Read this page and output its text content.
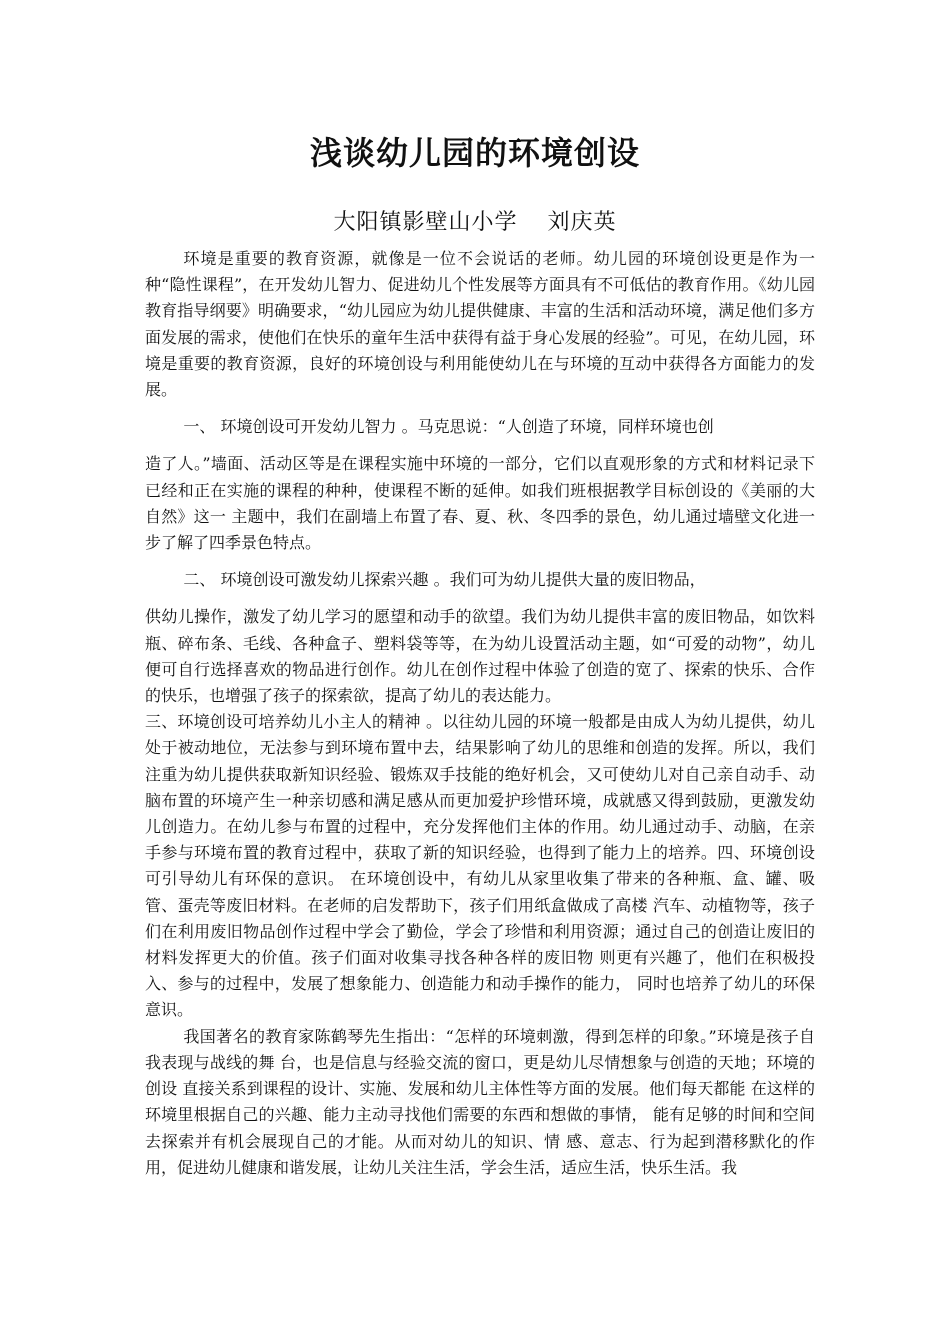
浅谈幼儿园的环境创设
大阳镇影壁山小学 刘庆英

环境是重要的教育资源，就像是一位不会说话的老师。幼儿园的环境创设更是作为一种“隐性课程”，在开发幼儿智力、促进幼儿个性发展等方面具有不可低估的教育作用。《幼儿园教育指导纲要》明确要求，“幼儿园应为幼儿提供健康、丰富的生活和活动环境，满足他们多方面发展的需求，使他们在快乐的童年生活中获得有益于身心发展的经验”。可见，在幼儿园，环境是重要的教育资源，良好的环境创设与利用能使幼儿在与环境的互动中获得各方面能力的发展。

一、 环境创设可开发幼儿智力 。马克思说：“人创造了环境，同样环境也创

造了人。”墙面、活动区等是在课程实施中环境的一部分，它们以直观形象的方式和材料记录下已经和正在实施的课程的种种，使课程不断的延伸。如我们班根据教学目标创设的《美丽的大自然》这一 主题中，我们在副墙上布置了春、夏、秋、冬四季的景色，幼儿通过墙壁文化进一步了解了四季景色特点。

二、 环境创设可激发幼儿探索兴趣 。我们可为幼儿提供大量的废旧物品，

供幼儿操作，激发了幼儿学习的愿望和动手的欲望。我们为幼儿提供丰富的废旧物品，如饮料瓶、碎布条、毛线、各种盒子、塑料袋等等，在为幼儿设置活动主题，如“可爱的动物”，幼儿便可自行选择喜欢的物品进行创作。幼儿在创作过程中体验了创造的宽了、探索的快乐、合作的快乐，也增强了孩子的探索欲，提高了幼儿的表达能力。

三、环境创设可培养幼儿小主人的精神 。以往幼儿园的环境一般都是由成人为幼儿提供，幼儿处于被动地位，无法参与到环境布置中去，结果影响了幼儿的思维和创造的发挥。所以，我们注重为幼儿提供获取新知识经验、锻炼双手技能的绝好机会，又可使幼儿对自己亲自动手、动脑布置的环境产生一种亲切感和满足感从而更加爱护珍惜环境，成就感又得到鼓励，更激发幼儿创造力。在幼儿参与布置的过程中，充分发挥他们主体的作用。幼儿通过动手、动脑，在亲手参与环境布置的教育过程中，获取了新的知识经验，也得到了能力上的培养。四、环境创设可引导幼儿有环保的意识。 在环境创设中，有幼儿从家里收集了带来的各种瓶、盒、罐、吸管、蛋壳等废旧材料。在老师的启发帮助下，孩子们用纸盒做成了高楼 汽车、动植物等，孩子们在利用废旧物品创作过程中学会了勤俭，学会了珍惜和利用资源；通过自己的创造让废旧的材料发挥更大的价值。孩子们面对收集寻找各种各样的废旧物 则更有兴趣了，他们在积极投入、参与的过程中，发展了想象能力、创造能力和动手操作的能力， 同时也培养了幼儿的环保意识。

我国著名的教育家陈鹤琴先生指出：“怎样的环境刺激，得到怎样的印象。”环境是孩子自我表现与战线的舞 台，也是信息与经验交流的窗口，更是幼儿尽情想象与创造的天地；环境的创设 直接关系到课程的设计、实施、发展和幼儿主体性等方面的发展。他们每天都能 在这样的环境里根据自己的兴趣、能力主动寻找他们需要的东西和想做的事情， 能有足够的时间和空间去探索并有机会展现自己的才能。从而对幼儿的知识、情 感、意志、行为起到潜移默化的作用，促进幼儿健康和谐发展，让幼儿关注生活，学会生活，适应生活，快乐生活。我
